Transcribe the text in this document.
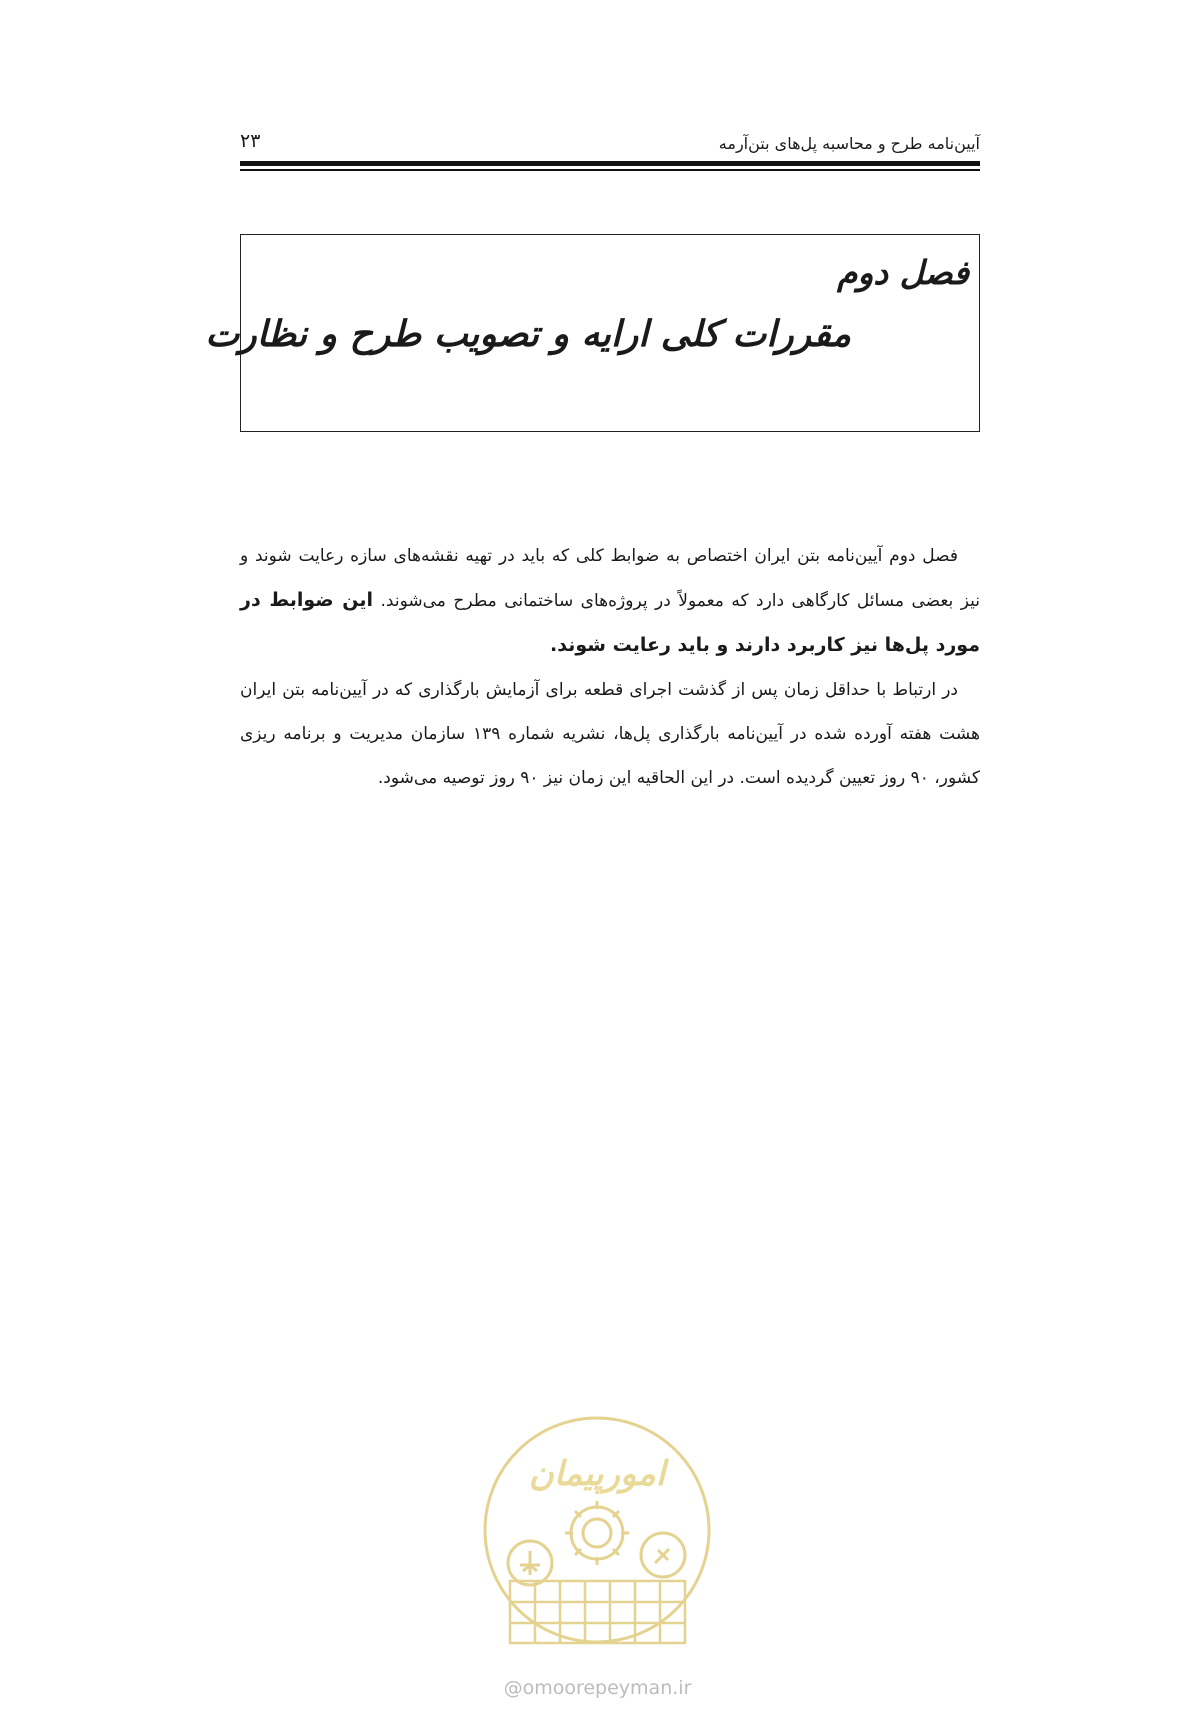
آیین‌نامه طرح و محاسبه پل‌های بتن‌آرمه
۲۳
فصل دوم
مقررات کلی ارایه و تصویب طرح و نظارت

فصل دوم آیین‌نامه بتن ایران اختصاص به ضوابط کلی که باید در تهیه نقشه‌های سازه رعایت شوند و نیز بعضی مسائل کارگاهی دارد که معمولاً در پروژه‌های ساختمانی مطرح می‌شوند. این ضوابط در مورد پل‌ها نیز کاربرد دارند و باید رعایت شوند.

در ارتباط با حداقل زمان پس از گذشت اجرای قطعه برای آزمایش بارگذاری که در آیین‌نامه بتن ایران هشت هفته آورده شده در آیین‌نامه بارگذاری پل‌ها، نشریه شماره ۱۳۹ سازمان مدیریت و برنامه ریزی کشور، ۹۰ روز تعیین گردیده است. در این الحاقیه این زمان نیز ۹۰ روز توصیه می‌شود.

امورپیمان
@omoorepeyman.ir
